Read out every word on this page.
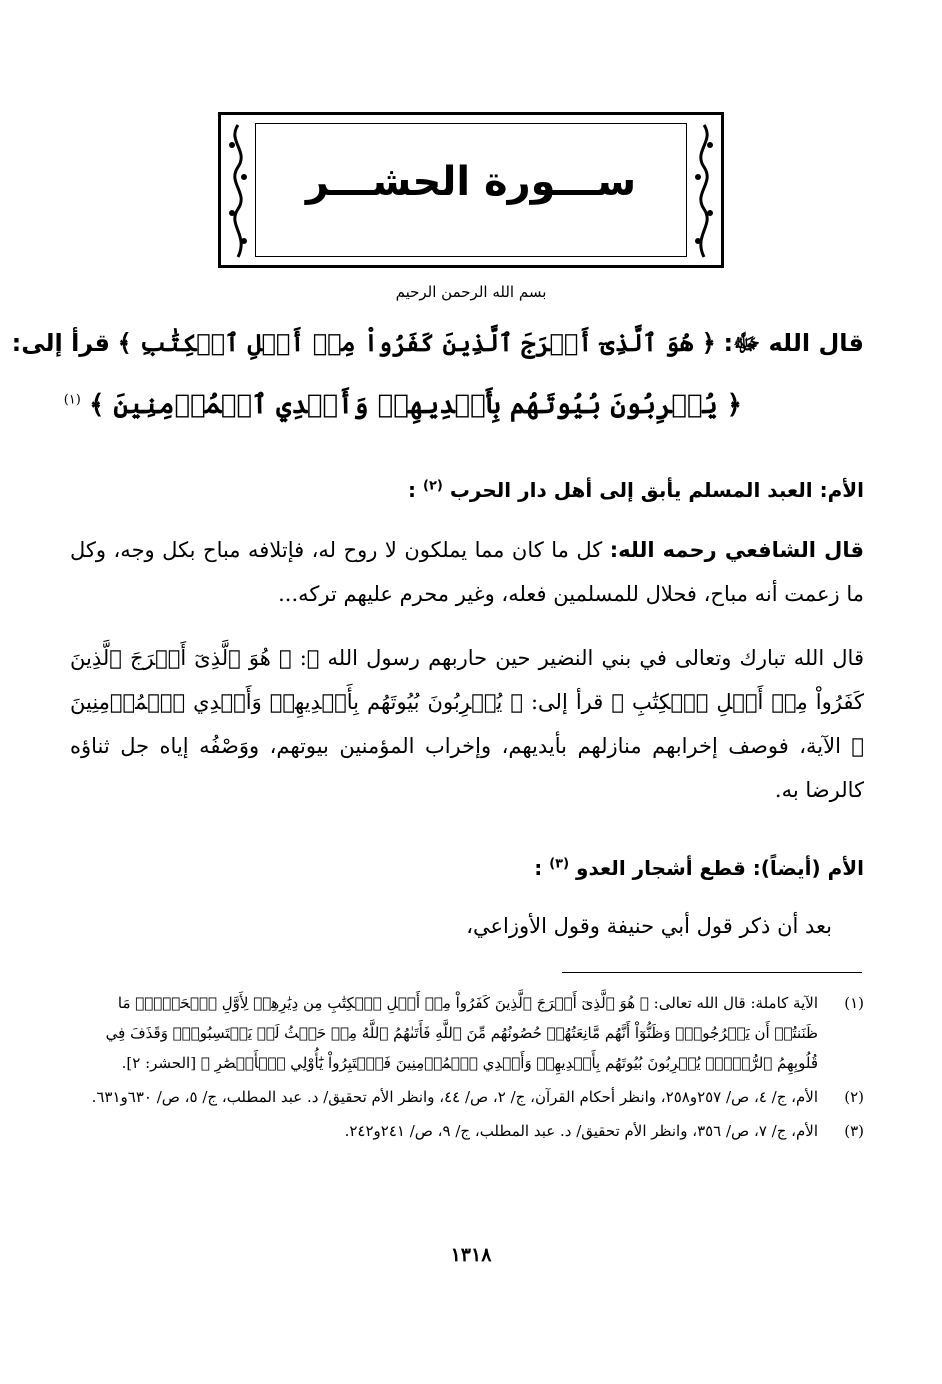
ســـورة الحشـــر
بسم الله الرحمن الرحيم
قال الله ﷻ: ﴿ هُوَ ٱلَّذِىٓ أَخۡرَجَ ٱلَّذِينَ كَفَرُواْ مِنۡ أَهۡلِ ٱلۡكِتَٰبِ ﴾ قرأ إلى:
﴿ يُخۡرِبُونَ بُيُوتَهُم بِأَيۡدِيهِمۡ وَأَيۡدِي ٱلۡمُؤۡمِنِينَ ﴾ $^{(١)}$
الأم: العبد المسلم يأبق إلى أهل دار الحرب $^{(٢)}$ :
قال الشافعي رحمه الله: كل ما كان مما يملكون لا روح له، فإتلافه مباح بكل وجه، وكل ما زعمت أنه مباح، فحلال للمسلمين فعله، وغير محرم عليهم تركه...
قال الله تبارك وتعالى في بني النضير حين حاربهم رسول الله ﷺ: ﴿ هُوَ ٱلَّذِىٓ أَخۡرَجَ ٱلَّذِينَ كَفَرُواْ مِنۡ أَهۡلِ ٱلۡكِتَٰبِ ﴾ قرأ إلى: ﴿ يُخۡرِبُونَ بُيُوتَهُم بِأَيۡدِيهِمۡ وَأَيۡدِي ٱلۡمُؤۡمِنِينَ ﴾ الآية، فوصف إخرابهم منازلهم بأيديهم، وإخراب المؤمنين بيوتهم، ووَصْفُه إياه جل ثناؤه كالرضا به.
الأم (أيضاً): قطع أشجار العدو $^{(٣)}$ :
بعد أن ذكر قول أبي حنيفة وقول الأوزاعي،
(١)
الآية كاملة: قال الله تعالى: ﴿ هُوَ ٱلَّذِىٓ أَخۡرَجَ ٱلَّذِينَ كَفَرُواْ مِنۡ أَهۡلِ ٱلۡكِتَٰبِ مِن دِيَٰرِهِمۡ لِأَوَّلِ ٱلۡحَشۡرِۚ مَا ظَنَنتُمۡ أَن يَخۡرُجُواْۖ وَظَنُّوٓاْ أَنَّهُم مَّانِعَتُهُمۡ حُصُونُهُم مِّنَ ٱللَّهِ فَأَتَىٰهُمُ ٱللَّهُ مِنۡ حَيۡثُ لَمۡ يَحۡتَسِبُواْۖ وَقَذَفَ فِي قُلُوبِهِمُ ٱلرُّعۡبَۚ يُخۡرِبُونَ بُيُوتَهُم بِأَيۡدِيهِمۡ وَأَيۡدِي ٱلۡمُؤۡمِنِينَ فَٱعۡتَبِرُواْ يَٰٓأُوْلِي ٱلۡأَبۡصَٰرِ ﴾ [الحشر: ٢].
(٢)
الأم، ج/ ٤، ص/ ٢٥٧و٢٥٨، وانظر أحكام القرآن، ج/ ٢، ص/ ٤٤، وانظر الأم تحقيق/ د. عبد المطلب، ج/ ٥، ص/ ٦٣٠و٦٣١.
(٣)
الأم، ج/ ٧، ص/ ٣٥٦، وانظر الأم تحقيق/ د. عبد المطلب، ج/ ٩، ص/ ٢٤١و٢٤٢.
١٣١٨
